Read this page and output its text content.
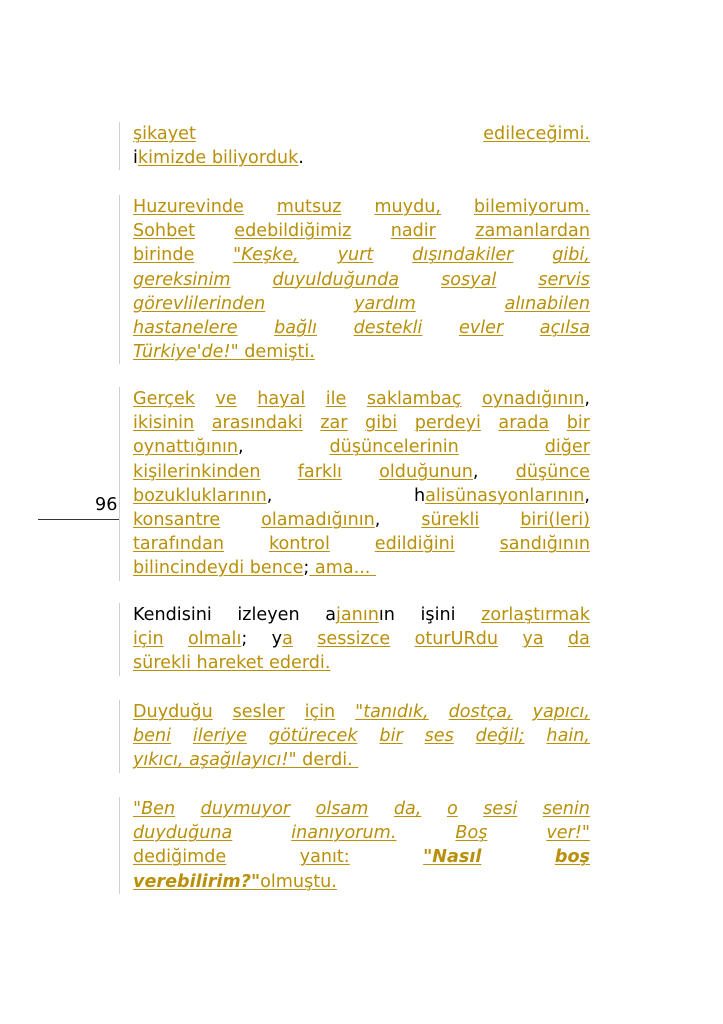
şikayet	edileceğimi.
ikimizde biliyorduk.
Huzurevinde mutsuz muydu, bilemiyorum.
Sohbet edebildiğimiz nadir zamanlardan
birinde "Keşke, yurt dışındakiler gibi,
gereksinim duyulduğunda sosyal servis
görevlilerinden	yardım	alınabilen
hastanelere bağlı destekli evler açılsa
Türkiye'de!" demişti.
Gerçek ve hayal ile saklambaç oynadığının,
ikisinin arasındaki zar gibi perdeyi arada bir
oynattığının,	düşüncelerinin	diğer
kişilerinkinden farklı olduğunun, düşünce
bozukluklarının,	halisünasyonlarının,
konsantre olamadığının, sürekli biri(leri)
tarafından	kontrol	edildiğini	sandığının
bilincindeydi bence; ama...
Kendisini izleyen ajanının işini zorlaştırmak
için olmalı; ya sessizce oturURdu ya da
sürekli hareket ederdi.
Duyduğu sesler için "tanıdık, dostça, yapıcı,
beni ileriye götürecek bir ses değil; hain,
yıkıcı, aşağılayıcı!" derdi.
"Ben duymuyor olsam da, o sesi senin
duyduğuna	inanıyorum.	Boş	ver!"
dediğimde	yanıt:	"Nasıl	boş
verebilirim?"olmuştu.
96
